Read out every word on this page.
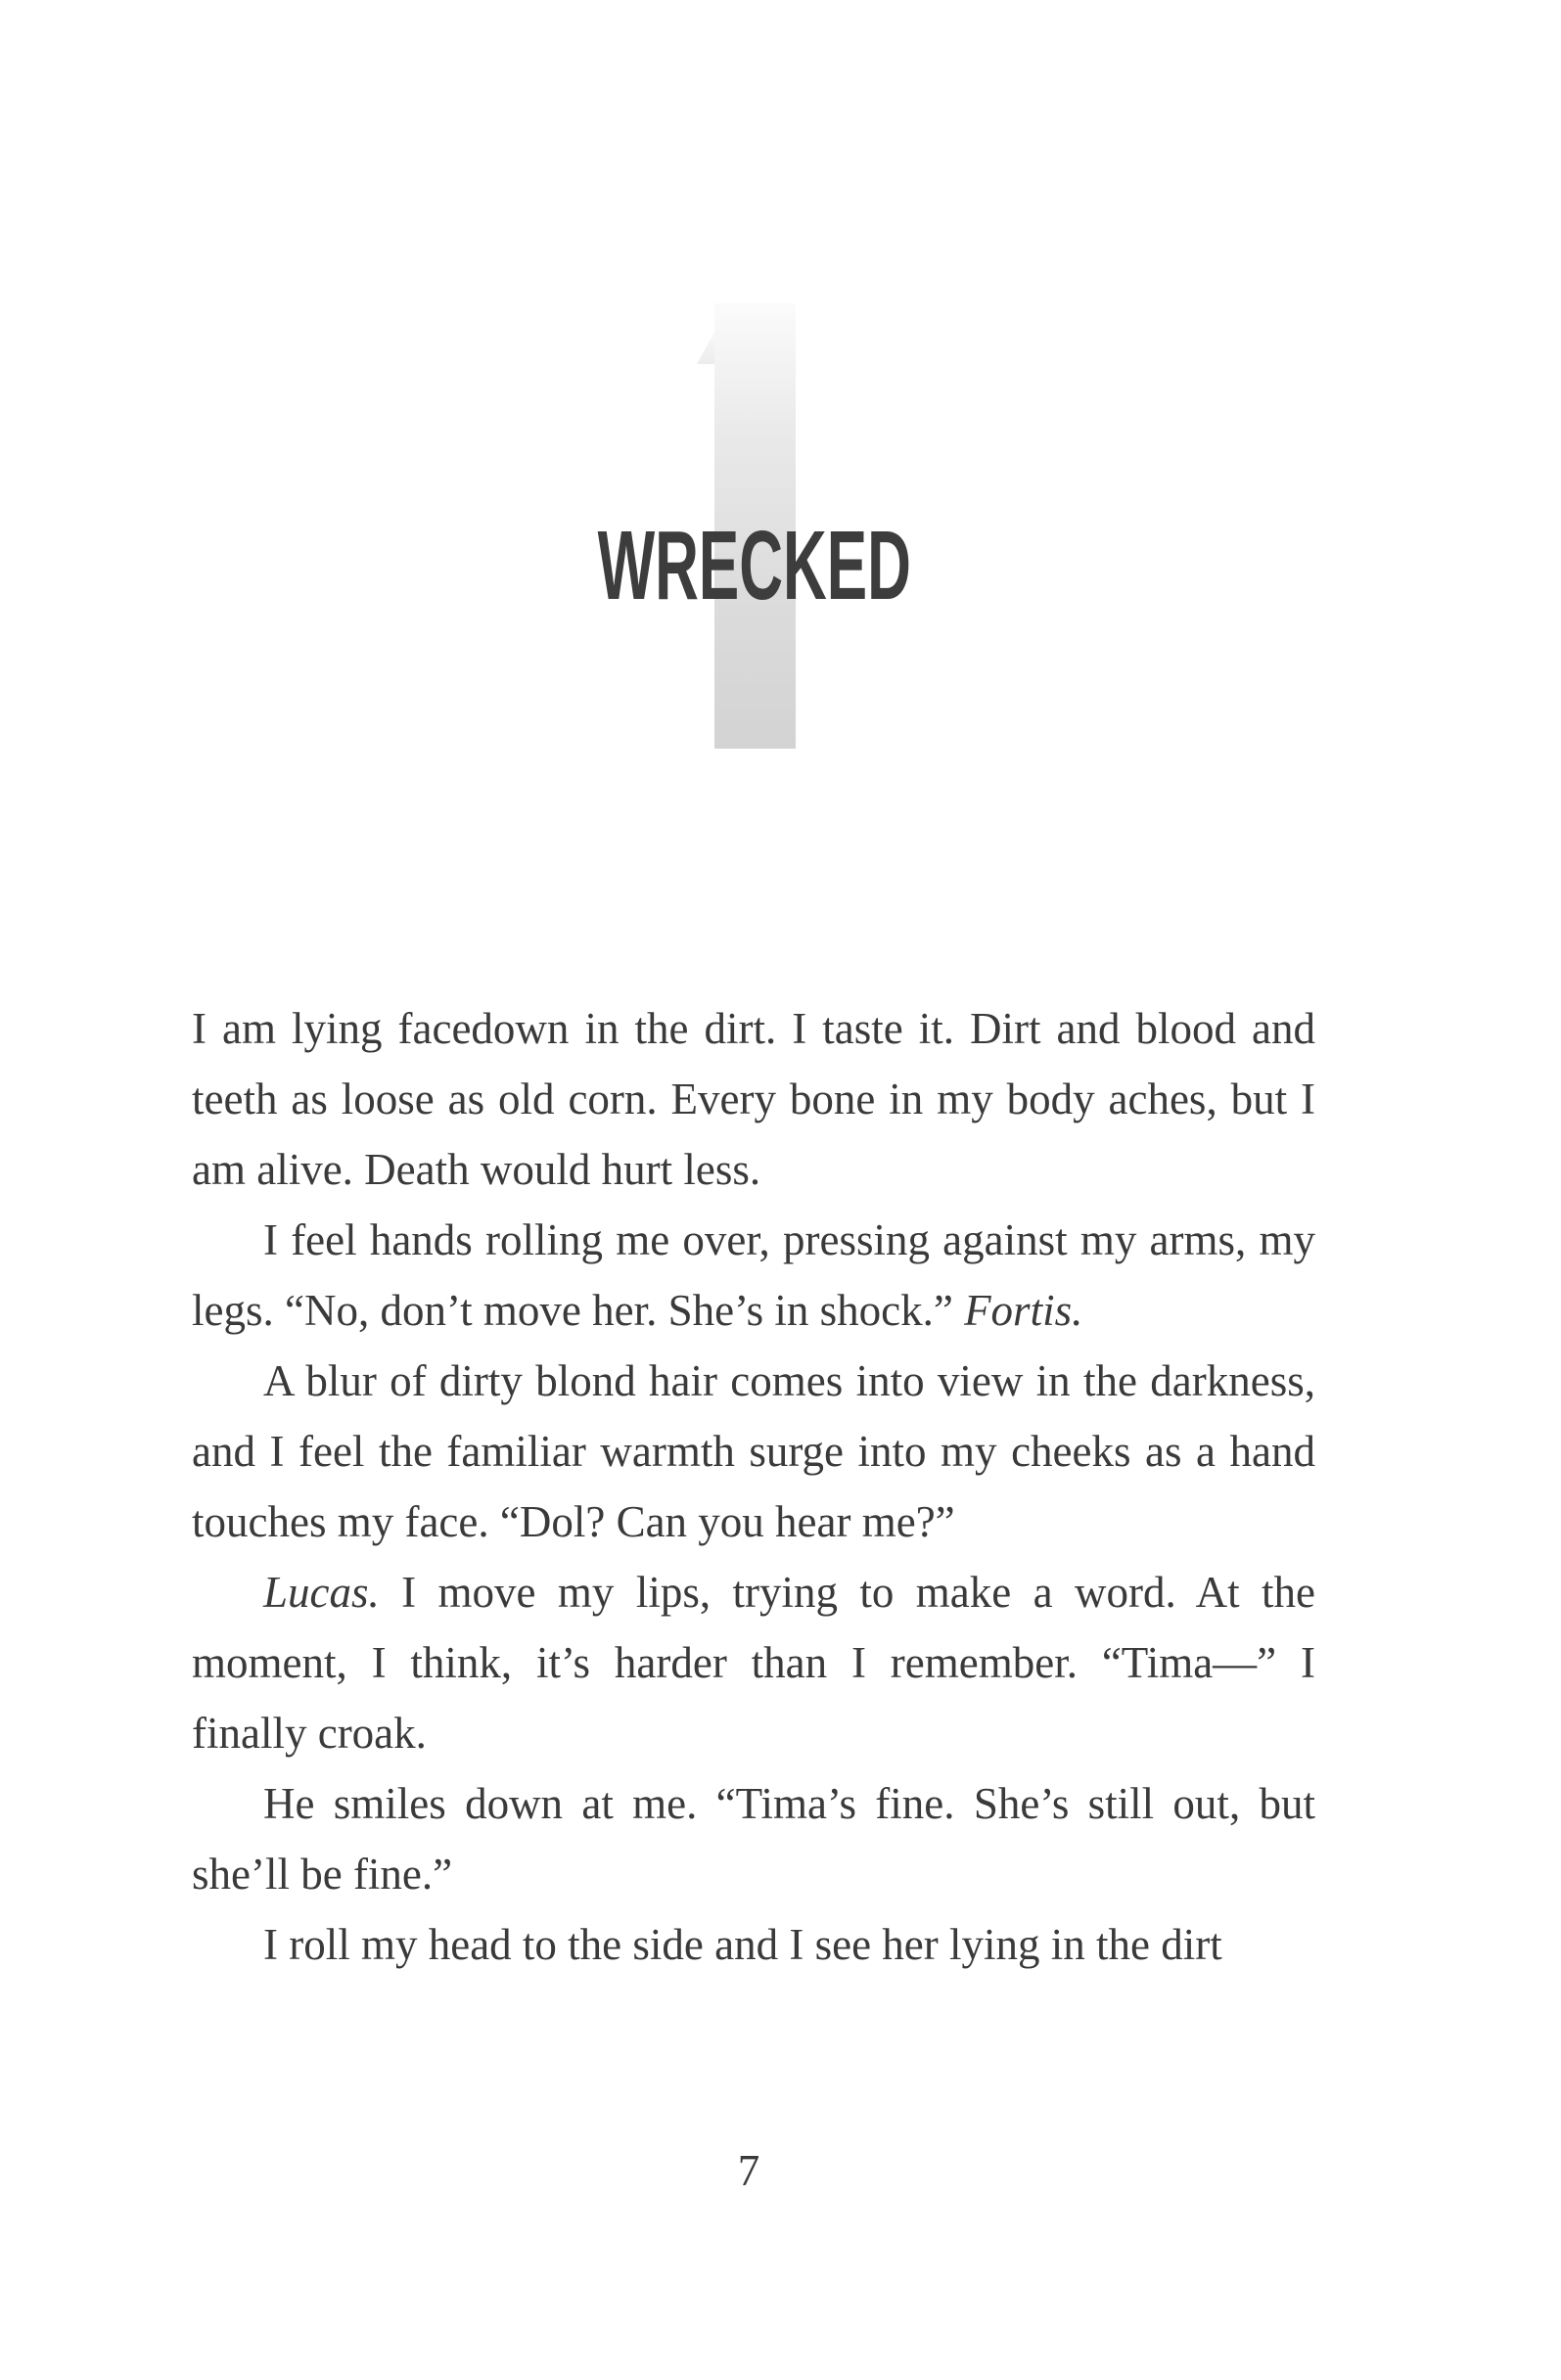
WRECKED

I am lying facedown in the dirt. I taste it. Dirt and blood and teeth as loose as old corn. Every bone in my body aches, but I am alive. Death would hurt less.

I feel hands rolling me over, pressing against my arms, my legs. “No, don’t move her. She’s in shock.” Fortis.

A blur of dirty blond hair comes into view in the darkness, and I feel the familiar warmth surge into my cheeks as a hand touches my face. “Dol? Can you hear me?”

Lucas. I move my lips, trying to make a word. At the moment, I think, it’s harder than I remember. “Tima—” I finally croak.

He smiles down at me. “Tima’s fine. She’s still out, but she’ll be fine.”

I roll my head to the side and I see her lying in the dirt

7
